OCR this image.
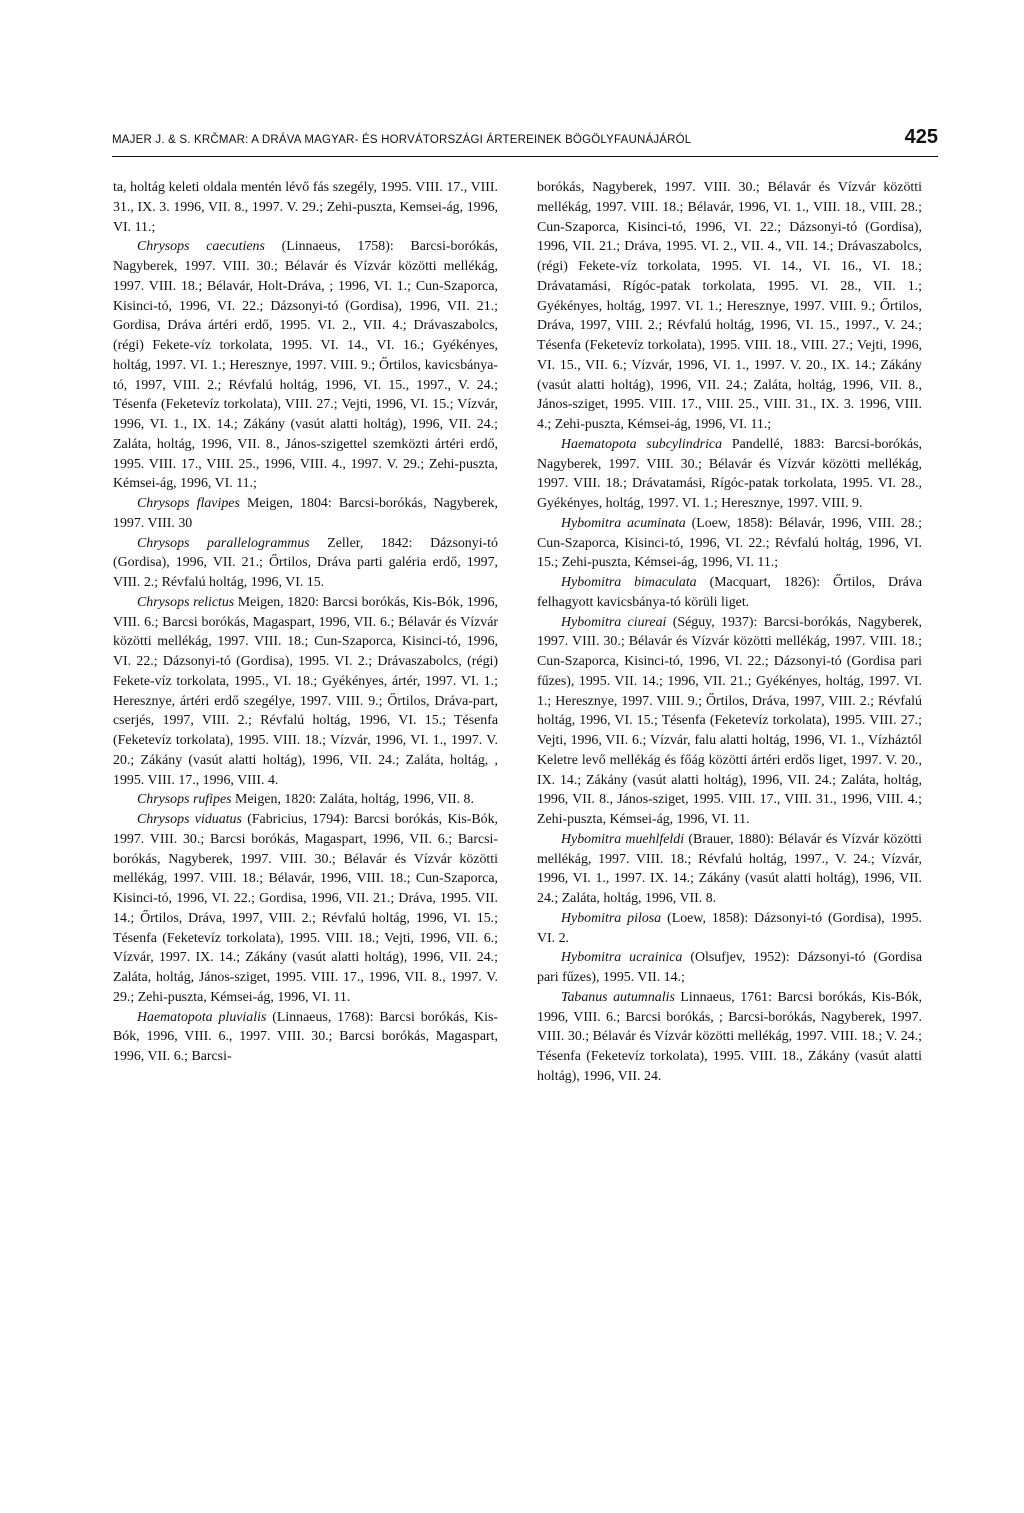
MAJER J. & S. KRČMAR: A DRÁVA MAGYAR- ÉS HORVÁTORSZÁGI ÁRTEREINEK BÖGÖLYFAUNÁJÁRÓL	425

ta, holtág keleti oldala mentén lévő fás szegély, 1995. VIII. 17., VIII. 31., IX. 3. 1996, VII. 8., 1997. V. 29.; Zehi-puszta, Kemsei-ág, 1996, VI. 11.;

Chrysops caecutiens (Linnaeus, 1758): Barcsi-borókás, Nagyberek, 1997. VIII. 30.; Bélavár és Vízvár közötti mellékág, 1997. VIII. 18.; Bélavár, Holt-Dráva, ; 1996, VI. 1.; Cun-Szaporca, Kisinci-tó, 1996, VI. 22.; Dázsonyi-tó (Gordisa), 1996, VII. 21.; Gordisa, Dráva ártéri erdő, 1995. VI. 2., VII. 4.; Drávaszabolcs, (régi) Fekete-víz torkolata, 1995. VI. 14., VI. 16.; Gyékényes, holtág, 1997. VI. 1.; Heresznye, 1997. VIII. 9.; Őrtilos, kavicsbánya-tó, 1997, VIII. 2.; Révfalú holtág, 1996, VI. 15., 1997., V. 24.; Tésenfa (Feketevíz torkolata), VIII. 27.; Vejti, 1996, VI. 15.; Vízvár, 1996, VI. 1., IX. 14.; Zákány (vasút alatti holtág), 1996, VII. 24.; Zaláta, holtág, 1996, VII. 8., János-szigettel szemközti ártéri erdő, 1995. VIII. 17., VIII. 25., 1996, VIII. 4., 1997. V. 29.; Zehi-puszta, Kémsei-ág, 1996, VI. 11.;

Chrysops flavipes Meigen, 1804: Barcsi-borókás, Nagyberek, 1997. VIII. 30

Chrysops parallelogrammus Zeller, 1842: Dázsonyi-tó (Gordisa), 1996, VII. 21.; Őrtilos, Dráva parti galéria erdő, 1997, VIII. 2.; Révfalú holtág, 1996, VI. 15.

Chrysops relictus Meigen, 1820: Barcsi borókás, Kis-Bók, 1996, VIII. 6.; Barcsi borókás, Magaspart, 1996, VII. 6.; Bélavár és Vízvár közötti mellékág, 1997. VIII. 18.; Cun-Szaporca, Kisinci-tó, 1996, VI. 22.; Dázsonyi-tó (Gordisa), 1995. VI. 2.; Drávaszabolcs, (régi) Fekete-víz torkolata, 1995., VI. 18.; Gyékényes, ártér, 1997. VI. 1.; Heresznye, ártéri erdő szegélye, 1997. VIII. 9.; Őrtilos, Dráva-part, cserjés, 1997, VIII. 2.; Révfalú holtág, 1996, VI. 15.; Tésenfa (Feketevíz torkolata), 1995. VIII. 18.; Vízvár, 1996, VI. 1., 1997. V. 20.; Zákány (vasút alatti holtág), 1996, VII. 24.; Zaláta, holtág, , 1995. VIII. 17., 1996, VIII. 4.

Chrysops rufipes Meigen, 1820: Zaláta, holtág, 1996, VII. 8.

Chrysops viduatus (Fabricius, 1794): Barcsi borókás, Kis-Bók, 1997. VIII. 30.; Barcsi borókás, Magaspart, 1996, VII. 6.; Barcsi-borókás, Nagyberek, 1997. VIII. 30.; Bélavár és Vízvár közötti mellékág, 1997. VIII. 18.; Bélavár, 1996, VIII. 18.; Cun-Szaporca, Kisinci-tó, 1996, VI. 22.; Gordisa, 1996, VII. 21.; Dráva, 1995. VII. 14.; Őrtilos, Dráva, 1997, VIII. 2.; Révfalú holtág, 1996, VI. 15.; Tésenfa (Feketevíz torkolata), 1995. VIII. 18.; Vejti, 1996, VII. 6.; Vízvár, 1997. IX. 14.; Zákány (vasút alatti holtág), 1996, VII. 24.; Zaláta, holtág, János-sziget, 1995. VIII. 17., 1996, VII. 8., 1997. V. 29.; Zehi-puszta, Kémsei-ág, 1996, VI. 11.

Haematopota pluvialis (Linnaeus, 1768): Barcsi borókás, Kis-Bók, 1996, VIII. 6., 1997. VIII. 30.; Barcsi borókás, Magaspart, 1996, VII. 6.; Barcsi-

borókás, Nagyberek, 1997. VIII. 30.; Bélavár és Vízvár közötti mellékág, 1997. VIII. 18.; Bélavár, 1996, VI. 1., VIII. 18., VIII. 28.; Cun-Szaporca, Kisinci-tó, 1996, VI. 22.; Dázsonyi-tó (Gordisa), 1996, VII. 21.; Dráva, 1995. VI. 2., VII. 4., VII. 14.; Drávaszabolcs, (régi) Fekete-víz torkolata, 1995. VI. 14., VI. 16., VI. 18.; Drávatamási, Rígóc-patak torkolata, 1995. VI. 28., VII. 1.; Gyékényes, holtág, 1997. VI. 1.; Heresznye, 1997. VIII. 9.; Őrtilos, Dráva, 1997, VIII. 2.; Révfalú holtág, 1996, VI. 15., 1997., V. 24.; Tésenfa (Feketevíz torkolata), 1995. VIII. 18., VIII. 27.; Vejti, 1996, VI. 15., VII. 6.; Vízvár, 1996, VI. 1., 1997. V. 20., IX. 14.; Zákány (vasút alatti holtág), 1996, VII. 24.; Zaláta, holtág, 1996, VII. 8., János-sziget, 1995. VIII. 17., VIII. 25., VIII. 31., IX. 3. 1996, VIII. 4.; Zehi-puszta, Kémsei-ág, 1996, VI. 11.;

Haematopota subcylindrica Pandellé, 1883: Barcsi-borókás, Nagyberek, 1997. VIII. 30.; Bélavár és Vízvár közötti mellékág, 1997. VIII. 18.; Drávatamási, Rígóc-patak torkolata, 1995. VI. 28., Gyékényes, holtág, 1997. VI. 1.; Heresznye, 1997. VIII. 9.

Hybomitra acuminata (Loew, 1858): Bélavár, 1996, VIII. 28.; Cun-Szaporca, Kisinci-tó, 1996, VI. 22.; Révfalú holtág, 1996, VI. 15.; Zehi-puszta, Kémsei-ág, 1996, VI. 11.;

Hybomitra bimaculata (Macquart, 1826): Őrtilos, Dráva felhagyott kavicsbánya-tó körüli liget.

Hybomitra ciureai (Séguy, 1937): Barcsi-borókás, Nagyberek, 1997. VIII. 30.; Bélavár és Vízvár közötti mellékág, 1997. VIII. 18.; Cun-Szaporca, Kisinci-tó, 1996, VI. 22.; Dázsonyi-tó (Gordisa pari fűzes), 1995. VII. 14.; 1996, VII. 21.; Gyékényes, holtág, 1997. VI. 1.; Heresznye, 1997. VIII. 9.; Őrtilos, Dráva, 1997, VIII. 2.; Révfalú holtág, 1996, VI. 15.; Tésenfa (Feketevíz torkolata), 1995. VIII. 27.; Vejti, 1996, VII. 6.; Vízvár, falu alatti holtág, 1996, VI. 1., Vízháztól Keletre levő mellékág és főág közötti ártéri erdős liget, 1997. V. 20., IX. 14.; Zákány (vasút alatti holtág), 1996, VII. 24.; Zaláta, holtág, 1996, VII. 8., János-sziget, 1995. VIII. 17., VIII. 31., 1996, VIII. 4.; Zehi-puszta, Kémsei-ág, 1996, VI. 11.

Hybomitra muehlfeldi (Brauer, 1880): Bélavár és Vízvár közötti mellékág, 1997. VIII. 18.; Révfalú holtág, 1997., V. 24.; Vízvár, 1996, VI. 1., 1997. IX. 14.; Zákány (vasút alatti holtág), 1996, VII. 24.; Zaláta, holtág, 1996, VII. 8.

Hybomitra pilosa (Loew, 1858): Dázsonyi-tó (Gordisa), 1995. VI. 2.

Hybomitra ucrainica (Olsufjev, 1952): Dázsonyi-tó (Gordisa pari fűzes), 1995. VII. 14.;

Tabanus autumnalis Linnaeus, 1761: Barcsi borókás, Kis-Bók, 1996, VIII. 6.; Barcsi borókás, ; Barcsi-borókás, Nagyberek, 1997. VIII. 30.; Bélavár és Vízvár közötti mellékág, 1997. VIII. 18.; V. 24.; Tésenfa (Feketevíz torkolata), 1995. VIII. 18., Zákány (vasút alatti holtág), 1996, VII. 24.
